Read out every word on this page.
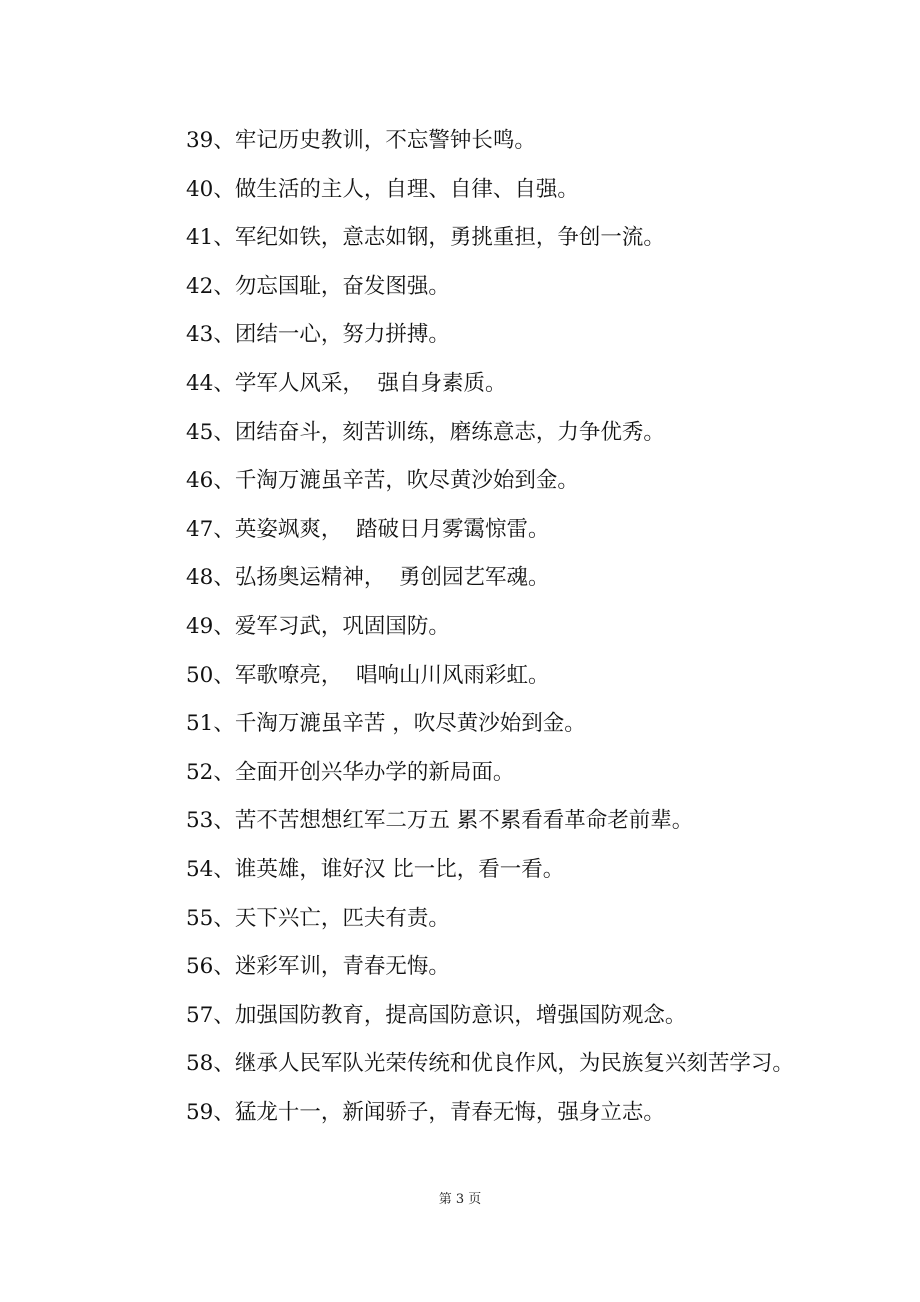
39、牢记历史教训，不忘警钟长鸣。

40、做生活的主人，自理、自律、自强。

41、军纪如铁，意志如钢，勇挑重担，争创一流。

42、勿忘国耻，奋发图强。

43、团结一心，努力拼搏。

44、学军人风采，  强自身素质。

45、团结奋斗，刻苦训练，磨练意志，力争优秀。

46、千淘万漉虽辛苦，吹尽黄沙始到金。

47、英姿飒爽，  踏破日月雾霭惊雷。

48、弘扬奥运精神，  勇创园艺军魂。

49、爱军习武，巩固国防。

50、军歌嘹亮，  唱响山川风雨彩虹。

51、千淘万漉虽辛苦 ，吹尽黄沙始到金。

52、全面开创兴华办学的新局面。

53、苦不苦想想红军二万五 累不累看看革命老前辈。

54、谁英雄，谁好汉 比一比，看一看。

55、天下兴亡，匹夫有责。

56、迷彩军训，青春无悔。

57、加强国防教育，提高国防意识，增强国防观念。

58、继承人民军队光荣传统和优良作风，为民族复兴刻苦学习。

59、猛龙十一，新闻骄子，青春无悔，强身立志。

第 3 页
